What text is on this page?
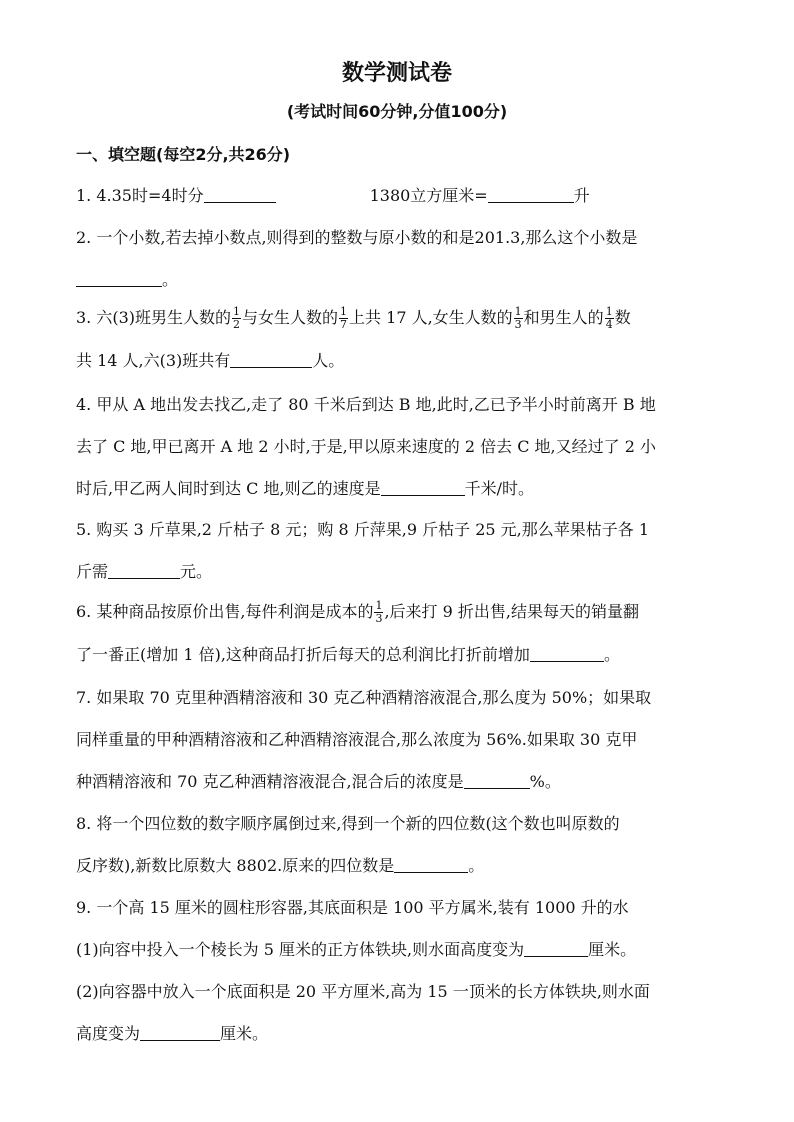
数学测试卷
(考试时间60分钟,分值100分)
一、填空题(每空2分,共26分)
1. 4.35时=4时分	1380立方厘米=	升
2. 一个小数,若去掉小数点,则得到的整数与原小数的和是201.3,那么这个小数是
。
3. 六(3)班男生人数的 $\frac{1}{2}$ 与女生人数的 $\frac{1}{7}$ 上共 17 人,女生人数的 $\frac{1}{3}$ 和男生人的 $\frac{1}{4}$ 数
共 14 人,六(3)班共有	人。
4. 甲从 A 地出发去找乙,走了 80 千米后到达 B 地,此时,乙已予半小时前离开 B 地
去了 C 地,甲已离开 A 地 2 小时,于是,甲以原来速度的 2 倍去 C 地,又经过了 2 小
时后,甲乙两人间时到达 C 地,则乙的速度是	千米/时。
5. 购买 3 斤草果,2 斤枯子 8 元；购 8 斤萍果,9 斤枯子 25 元,那么苹果枯子各 1
斤需	元。
6. 某种商品按原价出售,每件利润是成本的 $\frac{1}{3}$ ,后来打 9 折出售,结果每天的销量翻
了一番正(增加 1 倍),这种商品打折后每天的总利润比打折前增加	。
7. 如果取 70 克里种酒精溶液和 30 克乙种酒精溶液混合,那么度为 50%；如果取
同样重量的甲种酒精溶液和乙种酒精溶液混合,那么浓度为 56%.如果取 30 克甲
种酒精溶液和 70 克乙种酒精溶液混合,混合后的浓度是	%。
8. 将一个四位数的数字顺序属倒过来,得到一个新的四位数(这个数也叫原数的
反序数),新数比原数大 8802.原来的四位数是	。
9. 一个高 15 厘米的圆柱形容器,其底面积是 100 平方属米,装有 1000 升的水
(1)向容中投入一个棱长为 5 厘米的正方体铁块,则水面高度变为	厘米。
(2)向容器中放入一个底面积是 20 平方厘米,高为 15 一顶米的长方体铁块,则水面
高度变为	厘米。
